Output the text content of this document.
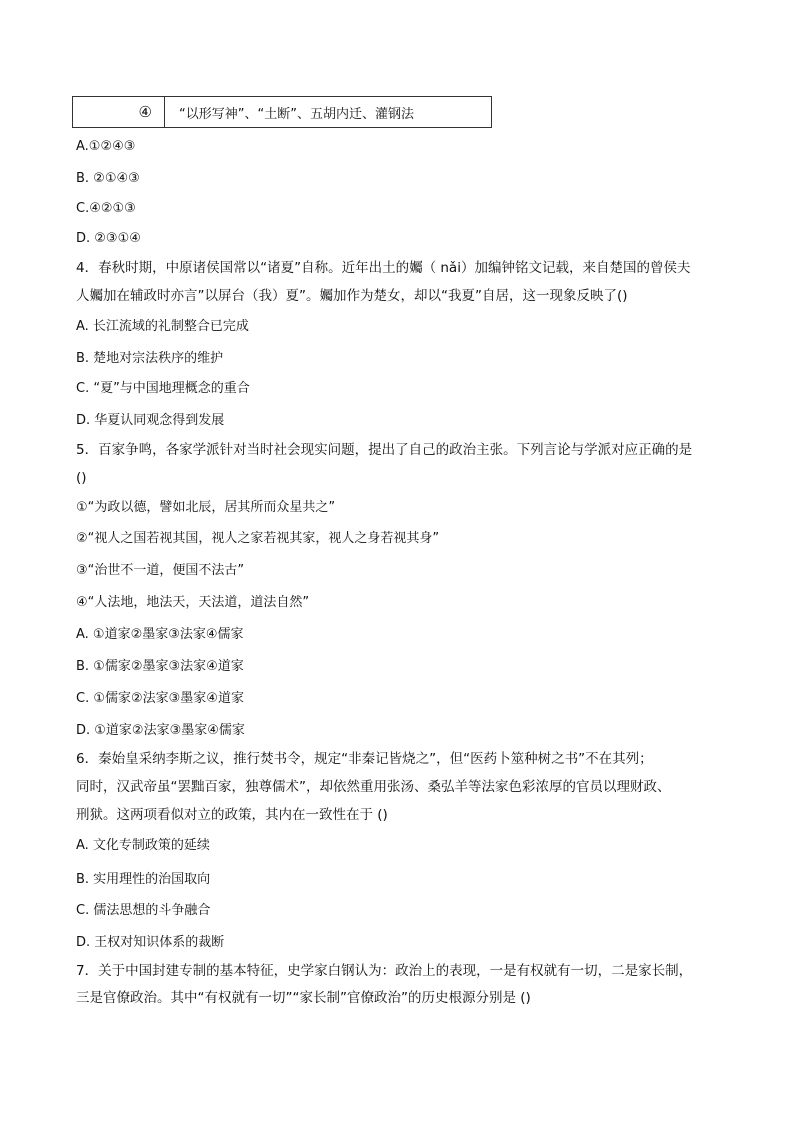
④	“以形写神”、“土断”、五胡内迁、灌钢法
A.①②④③
B. ②①④③
C.④②①③
D. ②③①④
4．春秋时期，中原诸侯国常以“诸夏”自称。近年出土的孎（ nǎi）加编钟铭文记载，来自楚国的曾侯夫
人孎加在辅政时亦言”以屏台（我）夏”。孎加作为楚女，却以“我夏”自居，这一现象反映了()
A. 长江流域的礼制整合已完成
B. 楚地对宗法秩序的维护
C. “夏”与中国地理概念的重合
D. 华夏认同观念得到发展
5．百家争鸣，各家学派针对当时社会现实问题，提出了自己的政治主张。下列言论与学派对应正确的是
()
①“为政以德，譬如北辰，居其所而众星共之”
②“视人之国若视其国，视人之家若视其家，视人之身若视其身”
③“治世不一道，便国不法古”
④“人法地，地法天，天法道，道法自然”
A. ①道家②墨家③法家④儒家
B. ①儒家②墨家③法家④道家
C. ①儒家②法家③墨家④道家
D. ①道家②法家③墨家④儒家
6．秦始皇采纳李斯之议，推行焚书令，规定“非秦记皆烧之”，但“医药卜筮种树之书”不在其列；
同时，汉武帝虽“罢黜百家，独尊儒术”，却依然重用张汤、桑弘羊等法家色彩浓厚的官员以理财政、
刑狱。这两项看似对立的政策，其内在一致性在于 ()
A. 文化专制政策的延续
B. 实用理性的治国取向
C. 儒法思想的斗争融合
D. 王权对知识体系的裁断
7．关于中国封建专制的基本特征，史学家白钢认为：政治上的表现，一是有权就有一切，二是家长制，
三是官僚政治。其中“有权就有一切”“家长制”官僚政治”的历史根源分别是 ()
